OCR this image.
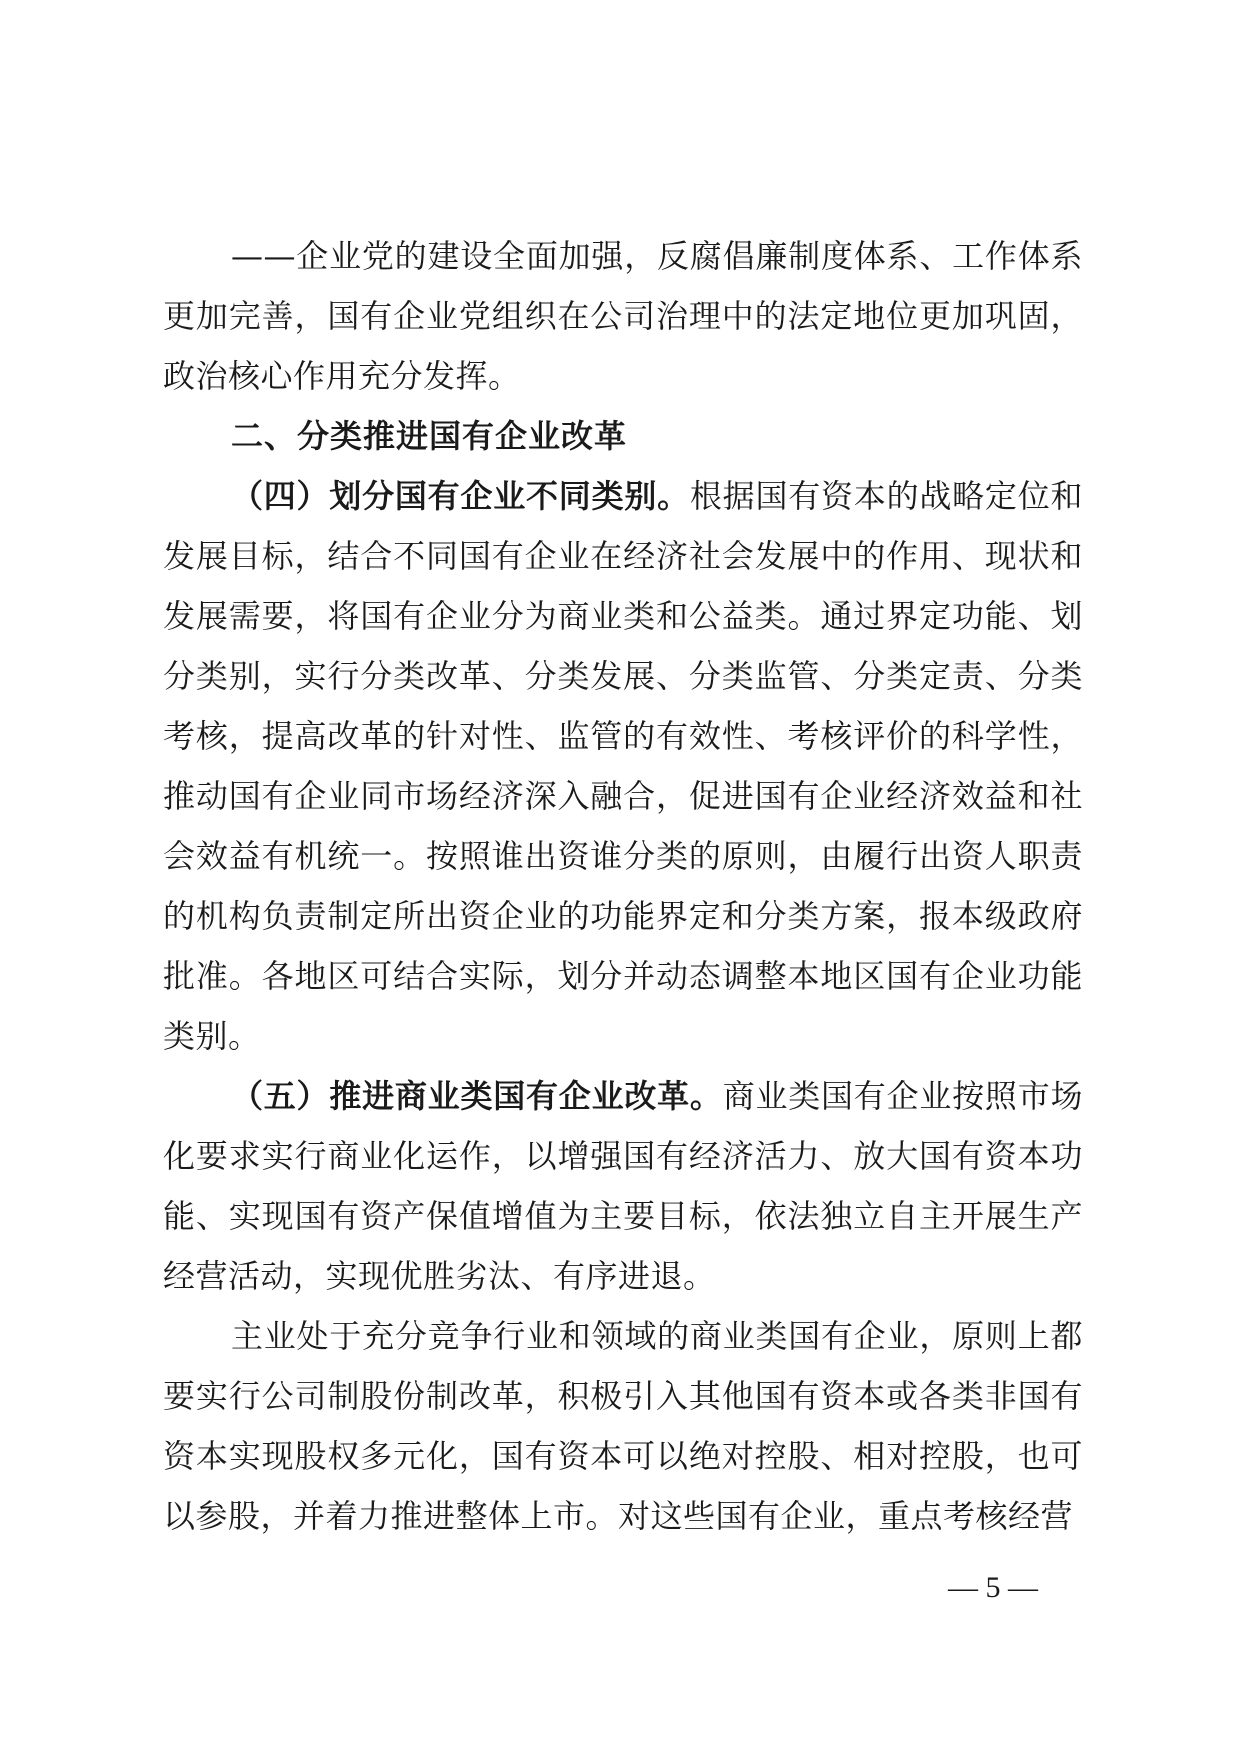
——企业党的建设全面加强，反腐倡廉制度体系、工作体系更加完善，国有企业党组织在公司治理中的法定地位更加巩固，政治核心作用充分发挥。

二、分类推进国有企业改革

（四）划分国有企业不同类别。根据国有资本的战略定位和发展目标，结合不同国有企业在经济社会发展中的作用、现状和发展需要，将国有企业分为商业类和公益类。通过界定功能、划分类别，实行分类改革、分类发展、分类监管、分类定责、分类考核，提高改革的针对性、监管的有效性、考核评价的科学性，推动国有企业同市场经济深入融合，促进国有企业经济效益和社会效益有机统一。按照谁出资谁分类的原则，由履行出资人职责的机构负责制定所出资企业的功能界定和分类方案，报本级政府批准。各地区可结合实际，划分并动态调整本地区国有企业功能类别。

（五）推进商业类国有企业改革。商业类国有企业按照市场化要求实行商业化运作，以增强国有经济活力、放大国有资本功能、实现国有资产保值增值为主要目标，依法独立自主开展生产经营活动，实现优胜劣汰、有序进退。

主业处于充分竞争行业和领域的商业类国有企业，原则上都要实行公司制股份制改革，积极引入其他国有资本或各类非国有资本实现股权多元化，国有资本可以绝对控股、相对控股，也可以参股，并着力推进整体上市。对这些国有企业，重点考核经营

— 5 —
